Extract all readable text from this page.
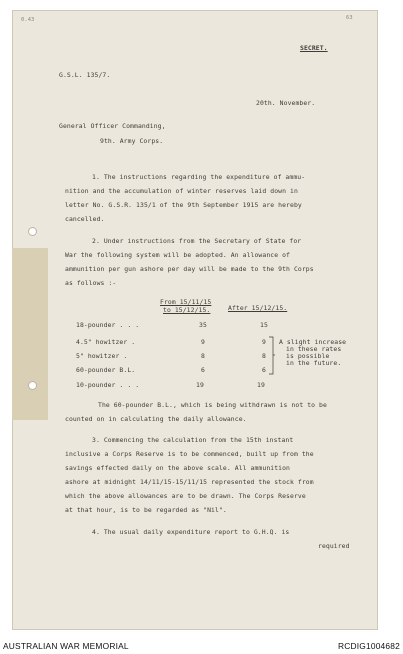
0.43	63
SECRET.
G.S.L. 135/7.
20th. November.
General Officer Commanding,
9th. Army Corps.
1. The instructions regarding the expenditure of ammu-
nition and the accumulation of winter reserves laid down in
letter No. G.S.R. 135/1 of the 9th September 1915 are hereby
cancelled.
2. Under instructions from the Secretary of State for
War the following system will be adopted. An allowance of
ammunition per gun ashore per day will be made to the 9th Corps
as follows :-
From 15/11/15
to 15/12/15.	After 15/12/15.
18-pounder . . .	35	15
4.5" howitzer .	9	9
5" howitzer .	8	8
60-pounder B.L.	6	6
10-pounder . . .	19	19
A slight increase
in these rates
is possible
in the future.
The 60-pounder B.L., which is being withdrawn is not to be
counted on in calculating the daily allowance.
3. Commencing the calculation from the 15th instant
inclusive a Corps Reserve is to be commenced, built up from the
savings effected daily on the above scale. All ammunition
ashore at midnight 14/11/15-15/11/15 represented the stock from
which the above allowances are to be drawn. The Corps Reserve
at that hour, is to be regarded as "Nil".
4. The usual daily expenditure report to G.H.Q. is
required
AUSTRALIAN WAR MEMORIAL	RCDIG1004682
